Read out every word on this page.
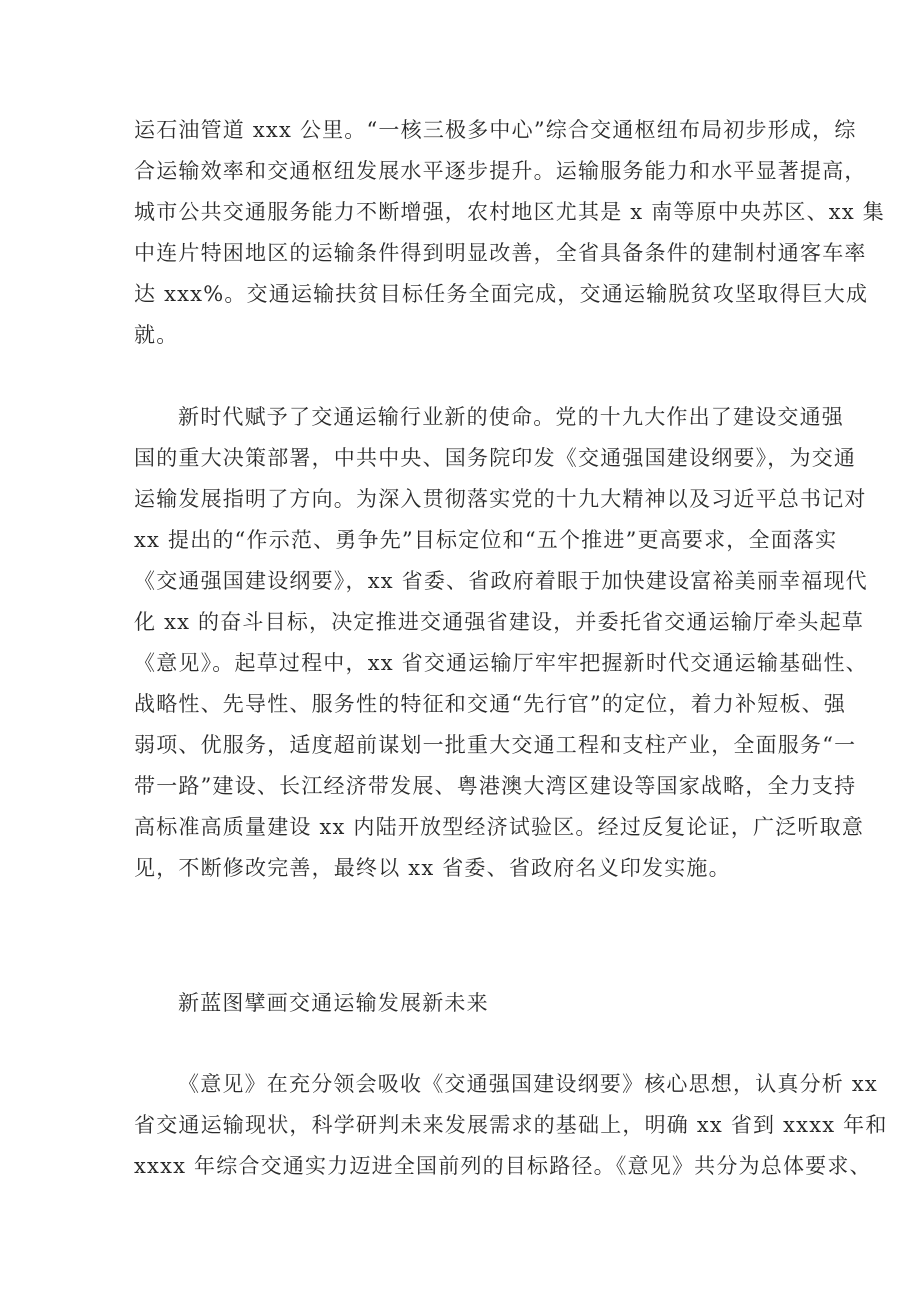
运石油管道 xxx 公里。“一核三极多中心”综合交通枢纽布局初步形成，综
合运输效率和交通枢纽发展水平逐步提升。运输服务能力和水平显著提高，
城市公共交通服务能力不断增强，农村地区尤其是 x 南等原中央苏区、xx 集
中连片特困地区的运输条件得到明显改善，全省具备条件的建制村通客车率
达 xxx%。交通运输扶贫目标任务全面完成，交通运输脱贫攻坚取得巨大成
就。

新时代赋予了交通运输行业新的使命。党的十九大作出了建设交通强
国的重大决策部署，中共中央、国务院印发《交通强国建设纲要》，为交通
运输发展指明了方向。为深入贯彻落实党的十九大精神以及习近平总书记对
xx 提出的“作示范、勇争先”目标定位和“五个推进”更高要求，全面落实
《交通强国建设纲要》，xx 省委、省政府着眼于加快建设富裕美丽幸福现代
化 xx 的奋斗目标，决定推进交通强省建设，并委托省交通运输厅牵头起草
《意见》。起草过程中，xx 省交通运输厅牢牢把握新时代交通运输基础性、
战略性、先导性、服务性的特征和交通“先行官”的定位，着力补短板、强
弱项、优服务，适度超前谋划一批重大交通工程和支柱产业，全面服务“一
带一路”建设、长江经济带发展、粤港澳大湾区建设等国家战略，全力支持
高标准高质量建设 xx 内陆开放型经济试验区。经过反复论证，广泛听取意
见，不断修改完善，最终以 xx 省委、省政府名义印发实施。

新蓝图擘画交通运输发展新未来

《意见》在充分领会吸收《交通强国建设纲要》核心思想，认真分析 xx
省交通运输现状，科学研判未来发展需求的基础上，明确 xx 省到 xxxx 年和
xxxx 年综合交通实力迈进全国前列的目标路径。《意见》共分为总体要求、
